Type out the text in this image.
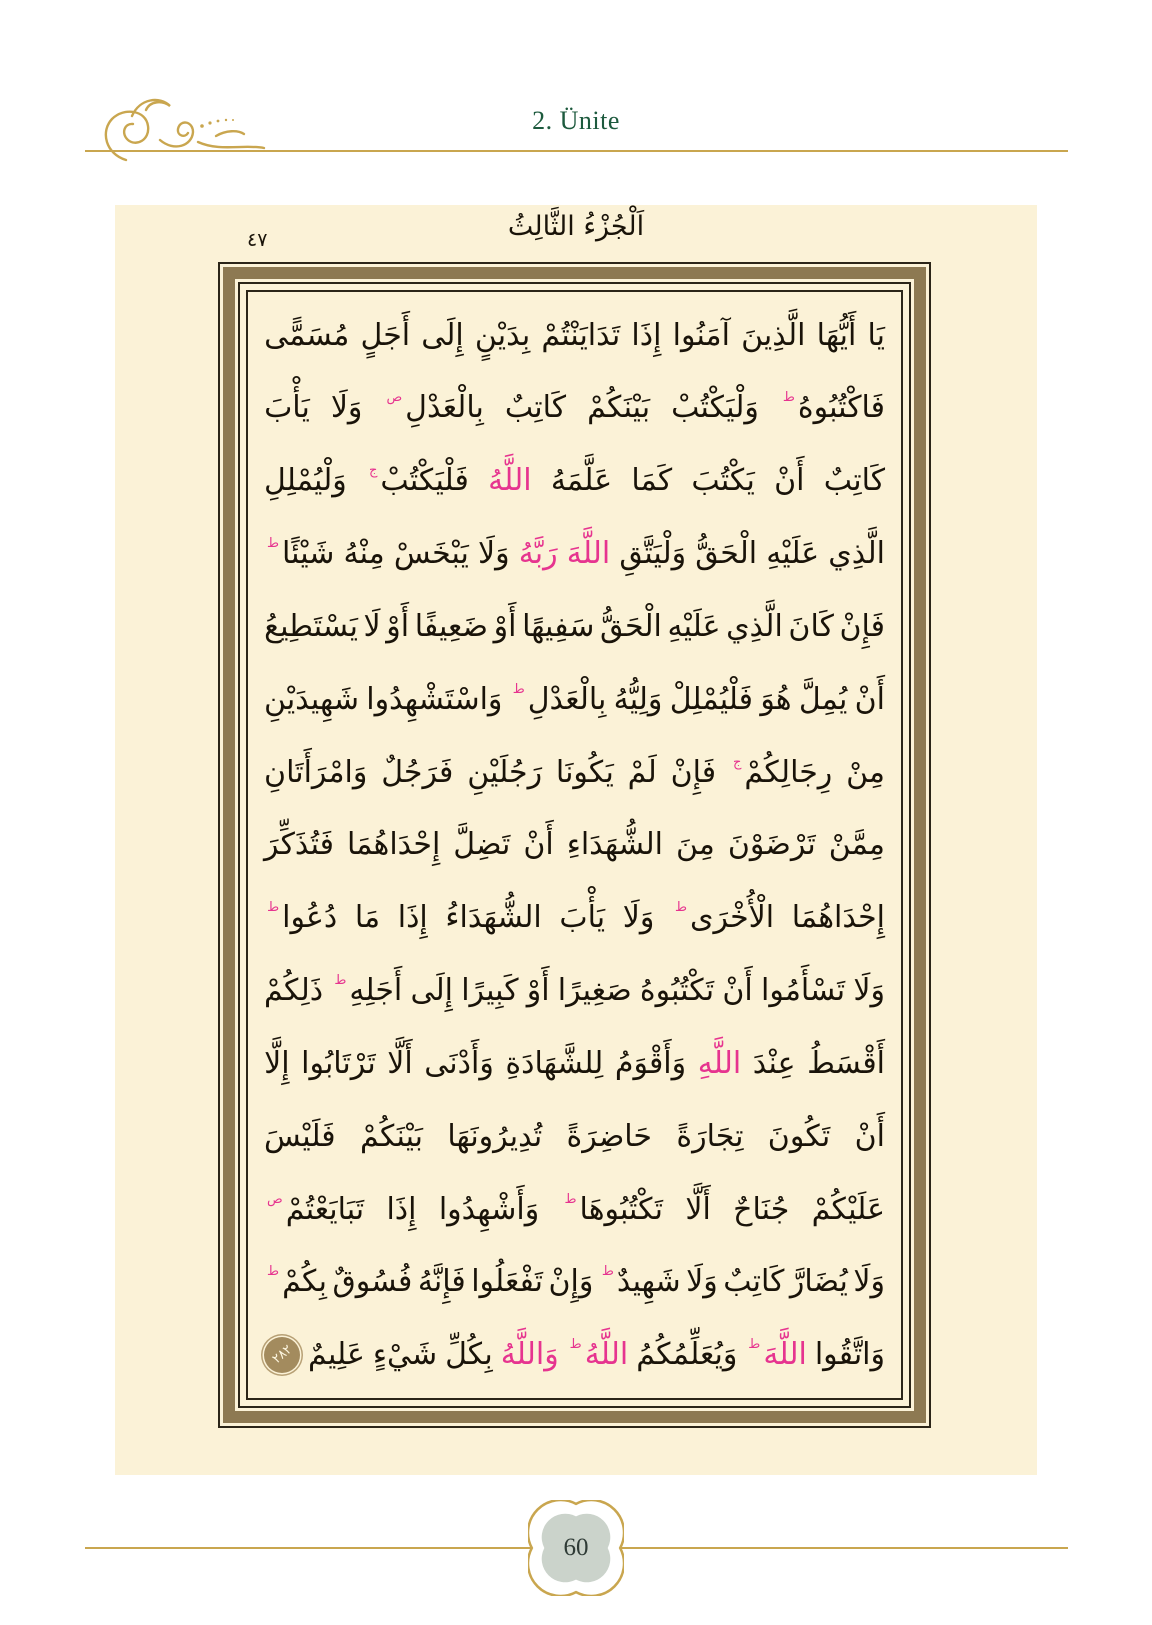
2. Ünite
اَلْجُزْءُ الثَّالِثُ
٤٧
يَا
أَيُّهَا
الَّذِينَ
آمَنُوا
إِذَا
تَدَايَنْتُمْ
بِدَيْنٍ
إِلَى
أَجَلٍ
مُسَمًّى
فَاكْتُبُوهُط
وَلْيَكْتُبْ
بَيْنَكُمْ
كَاتِبٌ
بِالْعَدْلِص
وَلَا
يَأْبَ
كَاتِبٌ
أَنْ
يَكْتُبَ
كَمَا
عَلَّمَهُ
اللَّهُ
فَلْيَكْتُبْج
وَلْيُمْلِلِ
الَّذِي
عَلَيْهِ
الْحَقُّ
وَلْيَتَّقِ
اللَّهَ
رَبَّهُ
وَلَا
يَبْخَسْ
مِنْهُ
شَيْئًاط
فَإِنْ
كَانَ
الَّذِي
عَلَيْهِ
الْحَقُّ
سَفِيهًا
أَوْ
ضَعِيفًا
أَوْ
لَا
يَسْتَطِيعُ
أَنْ
يُمِلَّ
هُوَ
فَلْيُمْلِلْ
وَلِيُّهُ
بِالْعَدْلِط
وَاسْتَشْهِدُوا
شَهِيدَيْنِ
مِنْ
رِجَالِكُمْج
فَإِنْ
لَمْ
يَكُونَا
رَجُلَيْنِ
فَرَجُلٌ
وَامْرَأَتَانِ
مِمَّنْ
تَرْضَوْنَ
مِنَ
الشُّهَدَاءِ
أَنْ
تَضِلَّ
إِحْدَاهُمَا
فَتُذَكِّرَ
إِحْدَاهُمَا
الْأُخْرَىط
وَلَا
يَأْبَ
الشُّهَدَاءُ
إِذَا
مَا
دُعُواط
وَلَا
تَسْأَمُوا
أَنْ
تَكْتُبُوهُ
صَغِيرًا
أَوْ
كَبِيرًا
إِلَى
أَجَلِهِط
ذَلِكُمْ
أَقْسَطُ
عِنْدَ
اللَّهِ
وَأَقْوَمُ
لِلشَّهَادَةِ
وَأَدْنَى
أَلَّا
تَرْتَابُوا
إِلَّا
أَنْ
تَكُونَ
تِجَارَةً
حَاضِرَةً
تُدِيرُونَهَا
بَيْنَكُمْ
فَلَيْسَ
عَلَيْكُمْ
جُنَاحٌ
أَلَّا
تَكْتُبُوهَاط
وَأَشْهِدُوا
إِذَا
تَبَايَعْتُمْص
وَلَا
يُضَارَّ
كَاتِبٌ
وَلَا
شَهِيدٌط
وَإِنْ
تَفْعَلُوا
فَإِنَّهُ
فُسُوقٌ
بِكُمْط
وَاتَّقُوا
اللَّهَط
وَيُعَلِّمُكُمُ
اللَّهُط
وَاللَّهُ
بِكُلِّ
شَيْءٍ
عَلِيمٌ
٢٨٢
60
